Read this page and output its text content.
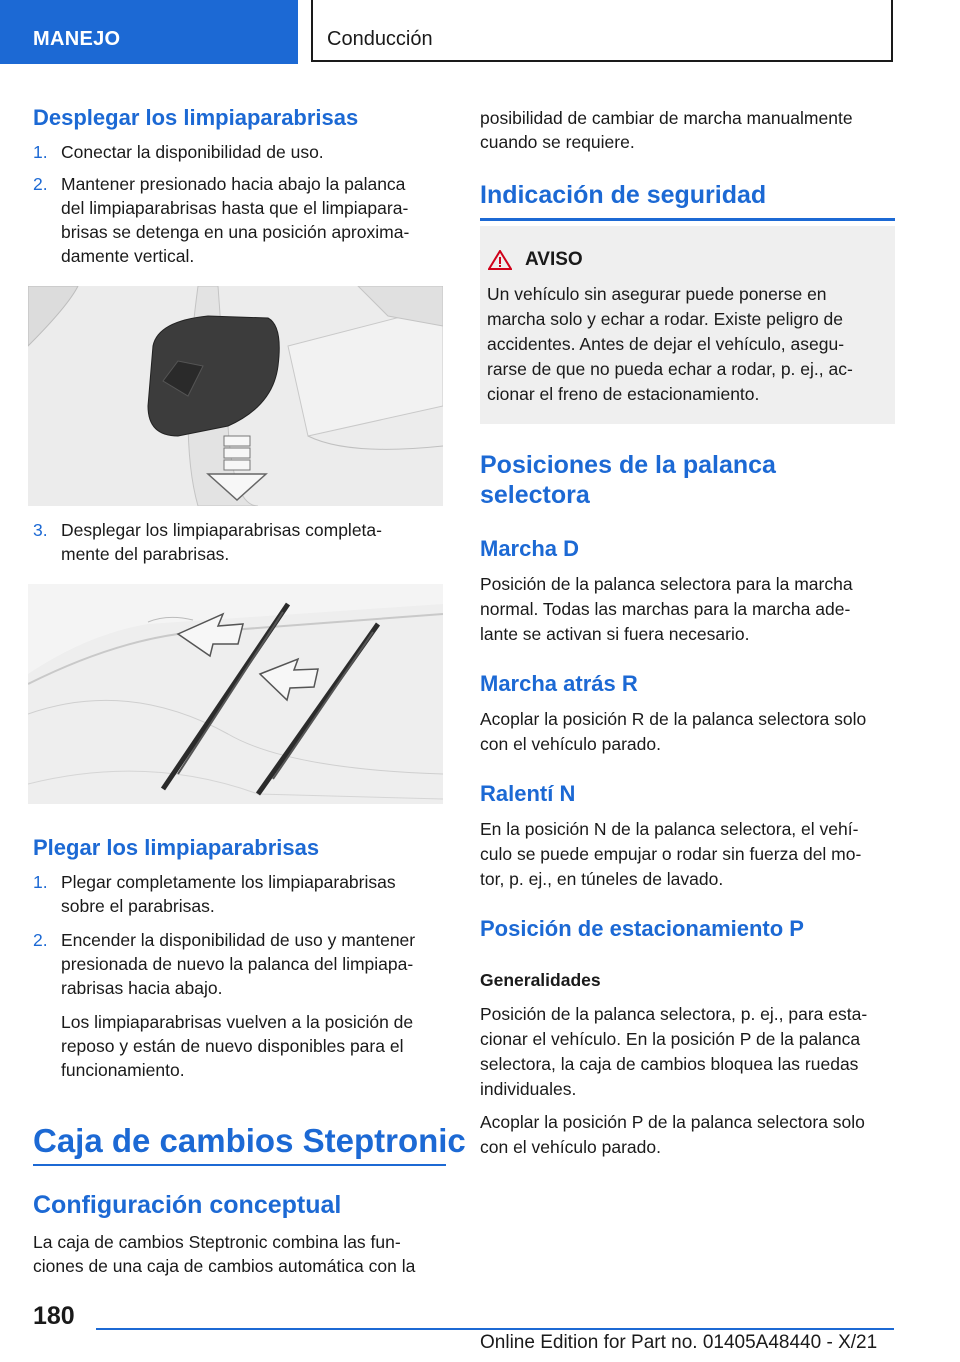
MANEJO	Conducción
Desplegar los limpiaparabrisas
1. Conectar la disponibilidad de uso.
2. Mantener presionado hacia abajo la palanca
del limpiaparabrisas hasta que el limpiapara‐
brisas se detenga en una posición aproxima‐
damente vertical.
3. Desplegar los limpiaparabrisas completa‐
mente del parabrisas.
Plegar los limpiaparabrisas
1. Plegar completamente los limpiaparabrisas
sobre el parabrisas.
2. Encender la disponibilidad de uso y mantener
presionada de nuevo la palanca del limpiapa‐
rabrisas hacia abajo.
Los limpiaparabrisas vuelven a la posición de
reposo y están de nuevo disponibles para el
funcionamiento.
Caja de cambios Steptronic
Configuración conceptual

La caja de cambios Steptronic combina las fun‐

ciones de una caja de cambios automática con la

posibilidad de cambiar de marcha manualmente

cuando se requiere.

Indicación de seguridad
AVISO

Un vehículo sin asegurar puede ponerse en

marcha solo y echar a rodar. Existe peligro de

accidentes. Antes de dejar el vehículo, asegu‐

rarse de que no pueda echar a rodar, p. ej., ac‐

cionar el freno de estacionamiento.

Posiciones de la palanca
selectora
Marcha D

Posición de la palanca selectora para la marcha

normal. Todas las marchas para la marcha ade‐

lante se activan si fuera necesario.

Marcha atrás R

Acoplar la posición R de la palanca selectora solo

con el vehículo parado.

Ralentí N

En la posición N de la palanca selectora, el vehí‐

culo se puede empujar o rodar sin fuerza del mo‐

tor, p. ej., en túneles de lavado.

Posición de estacionamiento P

Generalidades

Posición de la palanca selectora, p. ej., para esta‐

cionar el vehículo. En la posición P de la palanca

selectora, la caja de cambios bloquea las ruedas

individuales.

Acoplar la posición P de la palanca selectora solo

con el vehículo parado.

180
Online Edition for Part no. 01405A48440 - X/21
